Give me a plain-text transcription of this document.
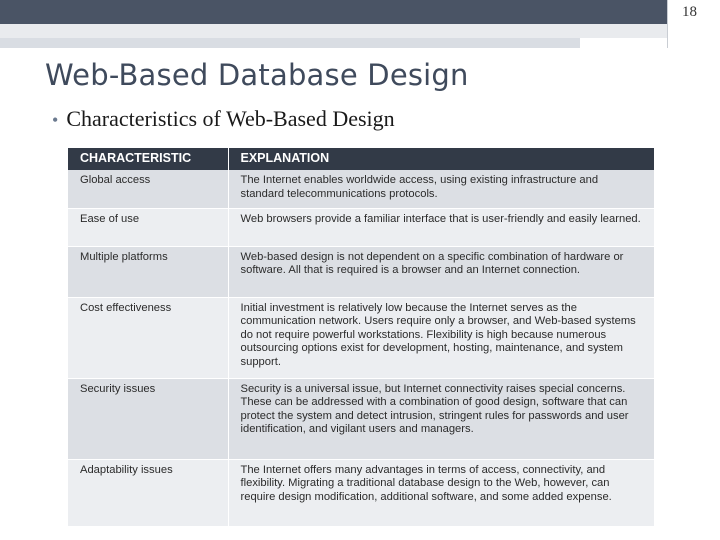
18
Web-Based Database Design
• Characteristics of Web-Based Design
CHARACTERISTIC	EXPLANATION
Global access	The Internet enables worldwide access, using existing infrastructure and standard telecommunications protocols.
Ease of use	Web browsers provide a familiar interface that is user-friendly and easily learned.
Multiple platforms	Web-based design is not dependent on a specific combination of hardware or software. All that is required is a browser and an Internet connection.
Cost effectiveness	Initial investment is relatively low because the Internet serves as the communication network. Users require only a browser, and Web-based systems do not require powerful workstations. Flexibility is high because numerous outsourcing options exist for development, hosting, maintenance, and system support.
Security issues	Security is a universal issue, but Internet connectivity raises special concerns. These can be addressed with a combination of good design, software that can protect the system and detect intrusion, stringent rules for passwords and user identification, and vigilant users and managers.
Adaptability issues	The Internet offers many advantages in terms of access, connectivity, and flexibility. Migrating a traditional database design to the Web, however, can require design modification, additional software, and some added expense.
